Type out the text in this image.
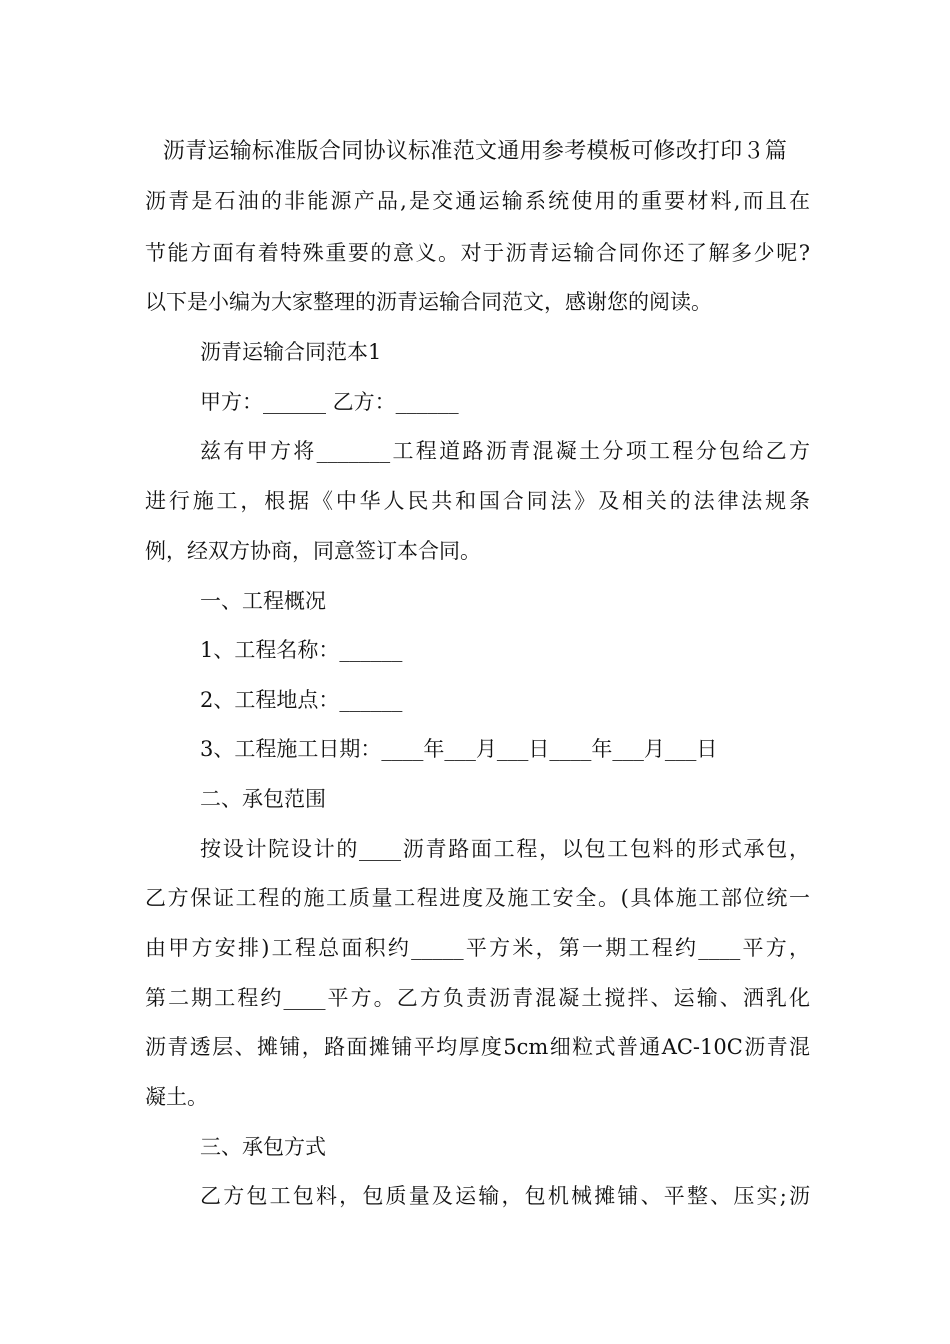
沥青运输标准版合同协议标准范文通用参考模板可修改打印３篇
沥青是石油的非能源产品,是交通运输系统使用的重要材料,而且在
节能方面有着特殊重要的意义。对于沥青运输合同你还了解多少呢?
以下是小编为大家整理的沥青运输合同范文，感谢您的阅读。
沥青运输合同范本1
甲方：______ 乙方：______
兹有甲方将_______工程道路沥青混凝土分项工程分包给乙方
进行施工，根据《中华人民共和国合同法》及相关的法律法规条
例，经双方协商，同意签订本合同。
一、工程概况
1、工程名称：______
2、工程地点：______
3、工程施工日期：____年___月___日____年___月___日
二、承包范围
按设计院设计的____沥青路面工程，以包工包料的形式承包，
乙方保证工程的施工质量工程进度及施工安全。(具体施工部位统一
由甲方安排)工程总面积约_____平方米，第一期工程约____平方，
第二期工程约____平方。乙方负责沥青混凝土搅拌、运输、洒乳化
沥青透层、摊铺，路面摊铺平均厚度5cm细粒式普通AC-10C沥青混
凝土。
三、承包方式
乙方包工包料，包质量及运输，包机械摊铺、平整、压实;沥
